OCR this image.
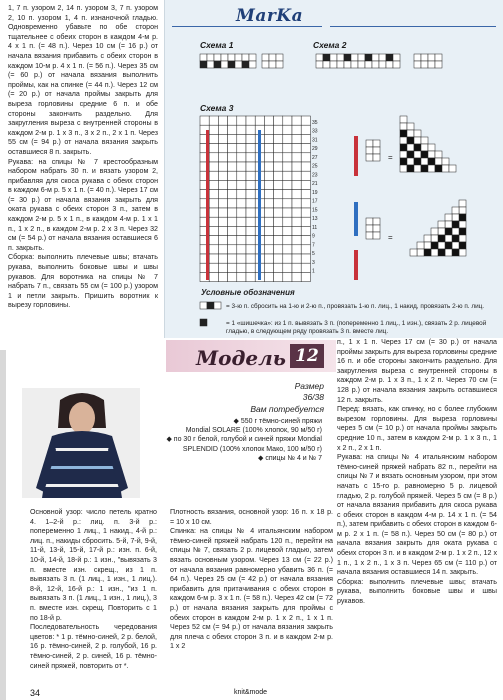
1, 7 п. узором 2, 14 п. узором 3, 7 п. узором 2, 10 п. узором 1, 4 п. изнаночной гладью. Одновременно убавьте по обе сторон тщательнее с обеих сторон в каждом 4-м р. 4 х 1 п. (= 48 п.). Через 10 см (= 16 р.) от начала вязания прибавить с обеих сторон в каждом 10-м р. 4 х 1 п. (= 56 п.). Через 35 см (= 60 р.) от начала вязания выполнить проймы, как на спинке (= 44 п.). Через 12 см (= 20 р.) от начала проймы закрыть для выреза горловины средние 6 п. и обе стороны закончить раздельно. Для закругления выреза с внутренней стороны в каждом 2-м р. 1 х 3 п., 3 х 2 п., 2 х 1 п. Через 55 см (= 94 р.) от начала вязания закрыть оставшиеся 8 п. закрыть.

Рукава: на спицы № 7 крестообразным набором набрать 30 п. и вязать узором 2, прибавляя для скоса рукава с обеих сторон в каждом 6-м р. 5 х 1 п. (= 40 п.). Через 17 см (= 30 р.) от начала вязания закрыть для оката рукава с обеих сторон 3 п., затем в каждом 2-м р. 5 х 1 п., в каждом 4-м р. 1 х 1 п., 1 х 2 п., в каждом 2-м р. 2 х 3 п. Через 32 см (= 54 р.) от начала вязания оставшиеся 6 п. закрыть.

Сборка: выполнить плечевые швы; втачать рукава, выполнить боковые швы и швы рукавов. Для воротника на спицы № 7 набрать 7 п., связать 55 см (= 100 р.) узором 1 и петли закрыть. Пришить воротник к вырезу горловины.

MarKa
Схема 1	Схема 2
Схема 3
35
33
31
29
27
25
23
21
19
17
15
13
11
9
7
5
3
1
=
=
Условные обозначения
= 3-ю п. сбросить на 1-ю и 2-ю п., провязать 1-ю п. лиц., 1 накид, провязать 2-ю п. лиц.
= 1 «шишечка»: из 1 п. вывязать 3 п. (попеременно 1 лиц., 1 изн.), связать 2 р. лицевой гладью, в следующем ряду провязать 3 п. вместе лиц.
Модель 12
Размер
36/38
Вам потребуется
◆ 550 г тёмно-синей пряжи
Mondial SOLARE (100% хлопок, 90 м/50 г)
◆ по 30 г белой, голубой и синей пряжи Mondial
SPLENDID (100% хлопок Мако, 100 м/50 г)
◆ спицы № 4 и № 7

Основной узор: число петель кратно 4. 1–2-й р.: лиц. п. 3-й р.: попеременно 1 лиц., 1 накид., 4-й р.: лиц. п., накиды сбросить. 5-й, 7-й, 9-й, 11-й, 13-й, 15-й, 17-й р.: изн. п. 6-й, 10-й, 14-й, 18-й р.: 1 изн., "вывязать 3 п. вместе изн. скрещ., из 1 п. вывязать 3 п. (1 лиц., 1 изн., 1 лиц.). 8-й, 12-й, 16-й р.: 1 изн., "из 1 п. вывязать 3 п. (1 лиц., 1 изн., 1 лиц.), 3 п. вместе изн. скрещ. Повторить с 1 по 18-й р.

Последовательность чередования цветов: * 1 р. тёмно-синей, 2 р. белой, 16 р. тёмно-синей, 2 р. голубой, 16 р. тёмно-синей, 2 р. синей, 16 р. тёмно-синей пряжей, повторить от *.

Плотность вязания, основной узор: 16 п. х 18 р. = 10 х 10 см.

Спинка: на спицы № 4 итальянским набором тёмно-синей пряжей набрать 120 п., перейти на спицы № 7, связать 2 р. лицевой гладью, затем вязать основным узором. Через 13 см (= 22 р.) от начала вязания равномерно убавить 36 п. (= 64 п.). Через 25 см (= 42 р.) от начала вязания прибавить для притачивания с обеих сторон в каждом 6-м р. 3 х 1 п. (= 58 п.). Через 42 см (= 72 р.) от начала вязания закрыть для проймы с обеих сторон в каждом 2-м р. 1 х 2 п., 1 х 1 п. Через 52 см (= 94 р.) от начала вязания закрыть для плеча с обеих сторон 3 п. и в каждом 2-м р. 1 х 2

п., 1 х 1 п. Через 17 см (= 30 р.) от начала проймы закрыть для выреза горловины средние 16 п. и обе стороны закончить раздельно. Для закругления выреза с внутренней стороны в каждом 2-м р. 1 х 3 п., 1 х 2 п. Через 70 см (= 128 р.) от начала вязания закрыть оставшиеся 12 п. закрыть.

Перед: вязать, как спинку, но с более глубоким вырезом горловины. Для выреза горловины через 5 см (= 10 р.) от начала проймы закрыть средние 10 п., затем в каждом 2-м р. 1 х 3 п., 1 х 2 п., 2 х 1 п.

Рукава: на спицы № 4 итальянским набором тёмно-синей пряжей набрать 82 п., перейти на спицы № 7 и вязать основным узором, при этом начать с 15-го р. равномерно 5 р. лицевой гладью, 2 р. голубой пряжей. Через 5 см (= 8 р.) от начала вязания прибавить для скоса рукава с обеих сторон в каждом 4-м р. 14 х 1 п. (= 54 п.), затем прибавить с обеих сторон в каждом 6-м р. 2 х 1 п. (= 58 п.). Через 50 см (= 80 р.) от начала вязания закрыть для оката рукава с обеих сторон 3 п. и в каждом 2-м р. 1 х 2 п., 12 х 1 п., 1 х 2 п., 1 х 3 п. Через 65 см (= 110 р.) от начала вязания оставшиеся 14 п. закрыть.

Сборка: выполнить плечевые швы; втачать рукава, выполнить боковые швы и швы рукавов.

34	knit&mode
